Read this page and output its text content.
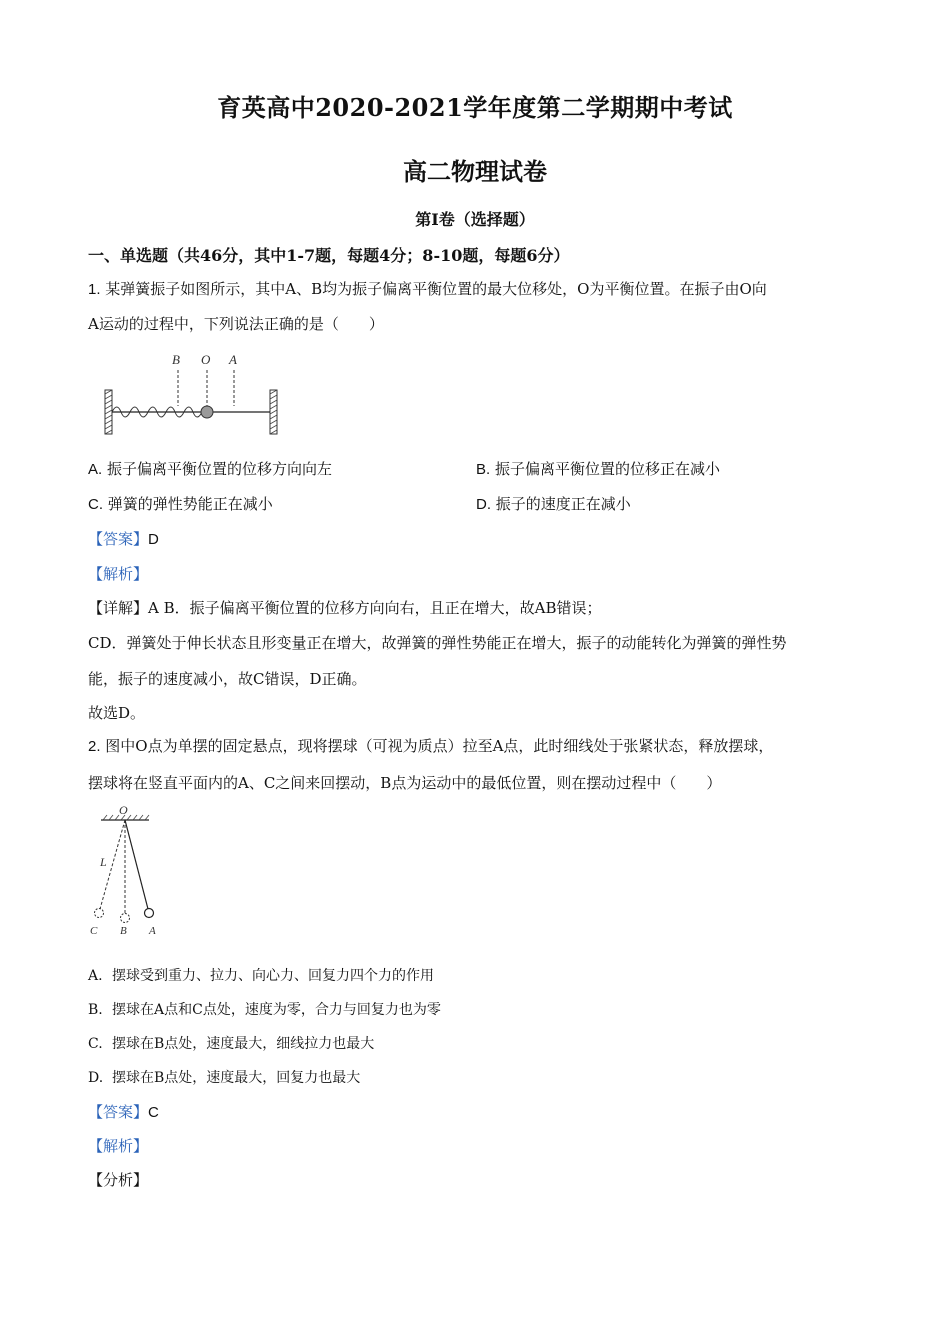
育英高中2020-2021学年度第二学期期中考试
高二物理试卷
第Ⅰ卷（选择题）
一、单选题（共46分，其中1-7题，每题4分；8-10题，每题6分）
1. 某弹簧振子如图所示，其中A、B均为振子偏离平衡位置的最大位移处，O为平衡位置。在振子由O向
A运动的过程中，下列说法正确的是（　　）
B O A
A. 振子偏离平衡位置的位移方向向左	B. 振子偏离平衡位置的位移正在减小
C. 弹簧的弹性势能正在减小	D. 振子的速度正在减小
【答案】D
【解析】
【详解】A B．振子偏离平衡位置的位移方向向右，且正在增大，故AB错误；
CD．弹簧处于伸长状态且形变量正在增大，故弹簧的弹性势能正在增大，振子的动能转化为弹簧的弹性势
能，振子的速度减小，故C错误，D正确。
故选D。
2. 图中O点为单摆的固定悬点，现将摆球（可视为质点）拉至A点，此时细线处于张紧状态，释放摆球，
摆球将在竖直平面内的A、C之间来回摆动，B点为运动中的最低位置，则在摆动过程中（　　）
O
L
C B A
A. 摆球受到重力、拉力、向心力、回复力四个力的作用
B. 摆球在A点和C点处，速度为零，合力与回复力也为零
C. 摆球在B点处，速度最大，细线拉力也最大
D. 摆球在B点处，速度最大，回复力也最大
【答案】C
【解析】
【分析】
